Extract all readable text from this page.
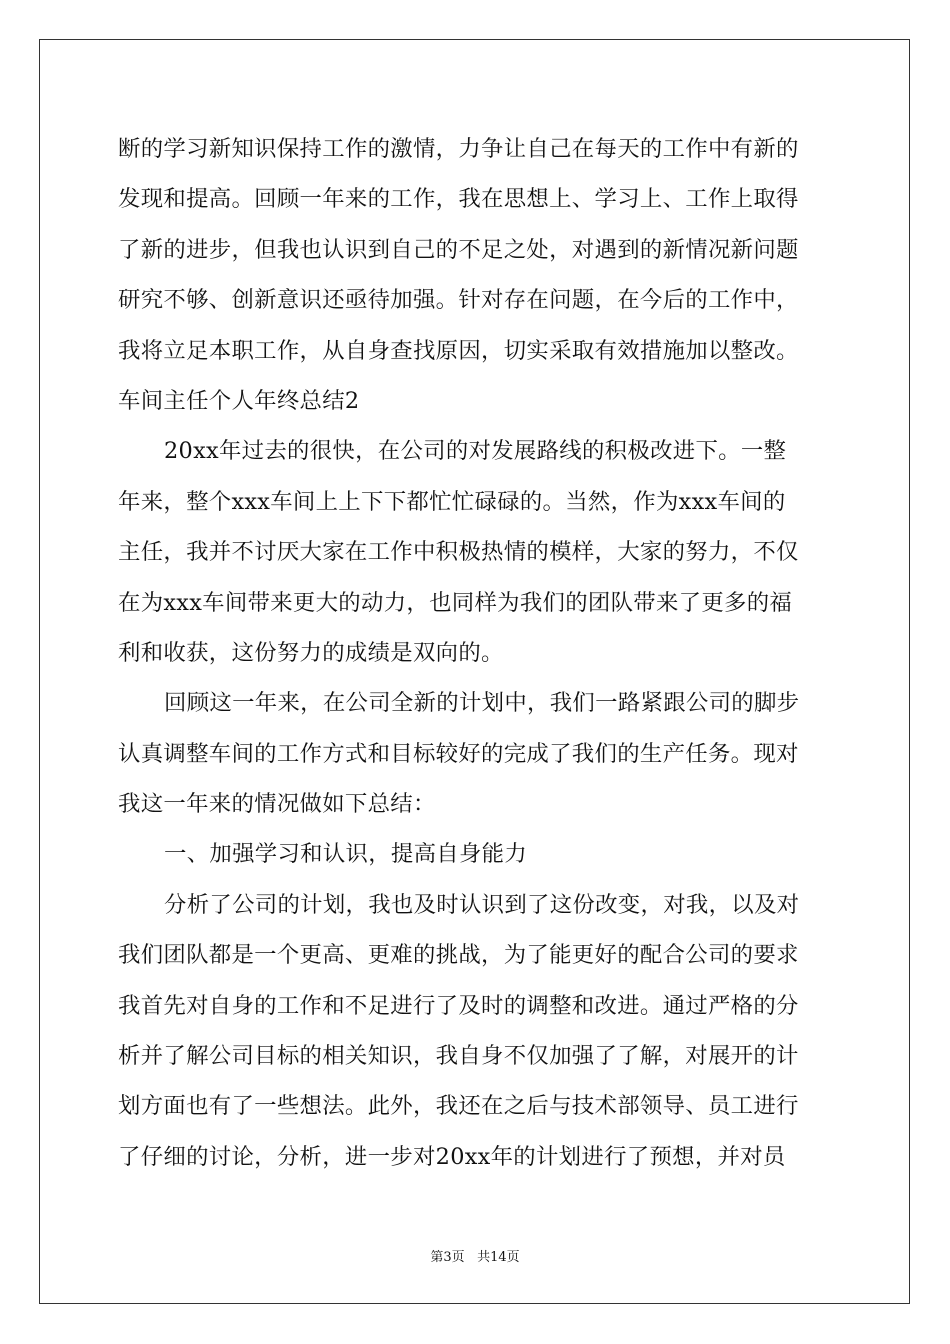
断的学习新知识保持工作的激情，力争让自己在每天的工作中有新的
发现和提高。回顾一年来的工作，我在思想上、学习上、工作上取得
了新的进步，但我也认识到自己的不足之处，对遇到的新情况新问题
研究不够、创新意识还亟待加强。针对存在问题，在今后的工作中，
我将立足本职工作，从自身查找原因，切实采取有效措施加以整改。
车间主任个人年终总结2
20xx年过去的很快，在公司的对发展路线的积极改进下。一整
年来，整个xxx车间上上下下都忙忙碌碌的。当然，作为xxx车间的
主任，我并不讨厌大家在工作中积极热情的模样，大家的努力，不仅
在为xxx车间带来更大的动力，也同样为我们的团队带来了更多的福
利和收获，这份努力的成绩是双向的。
回顾这一年来，在公司全新的计划中，我们一路紧跟公司的脚步
认真调整车间的工作方式和目标较好的完成了我们的生产任务。现对
我这一年来的情况做如下总结：
一、加强学习和认识，提高自身能力
分析了公司的计划，我也及时认识到了这份改变，对我，以及对
我们团队都是一个更高、更难的挑战，为了能更好的配合公司的要求
我首先对自身的工作和不足进行了及时的调整和改进。通过严格的分
析并了解公司目标的相关知识，我自身不仅加强了了解，对展开的计
划方面也有了一些想法。此外，我还在之后与技术部领导、员工进行
了仔细的讨论，分析，进一步对20xx年的计划进行了预想，并对员
第3页 共14页
